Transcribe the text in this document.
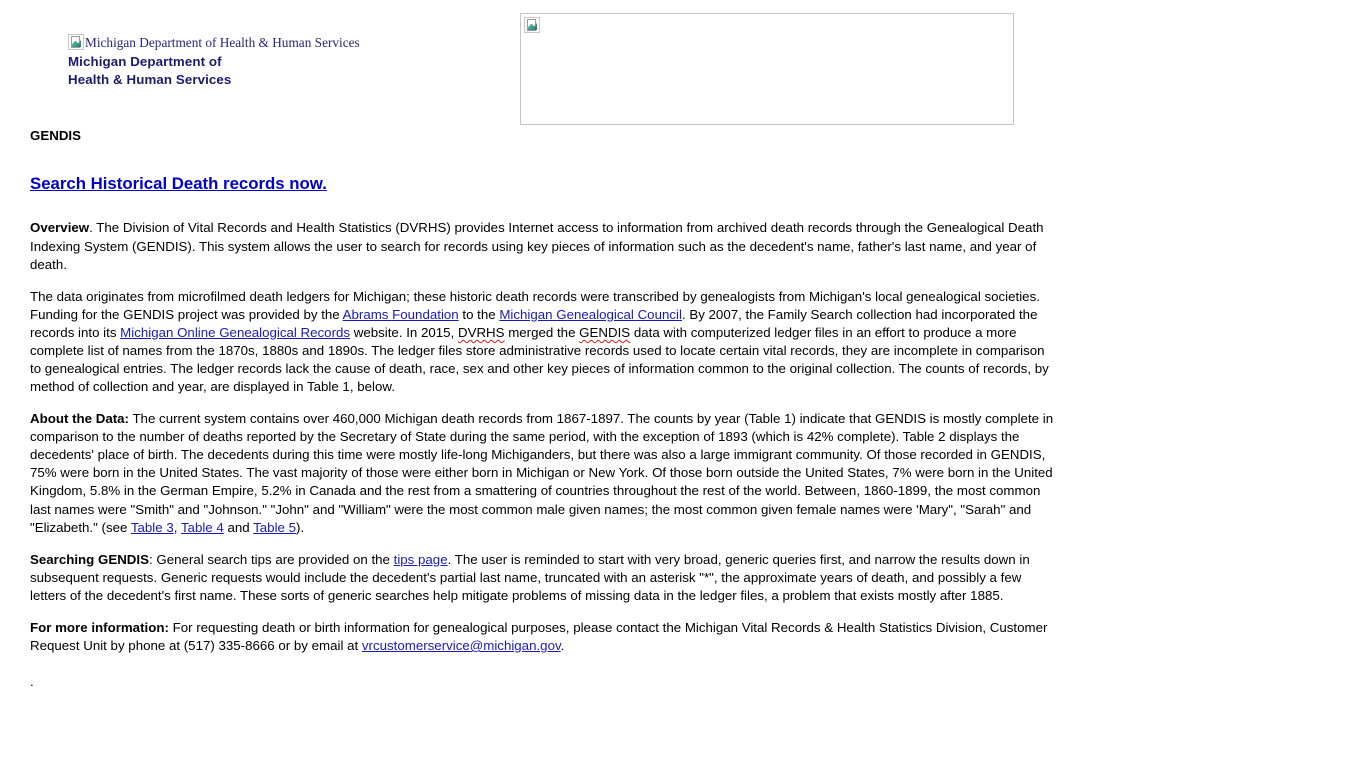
Michigan Department of Health & Human Services
Michigan Department of
Health & Human Services
GENDIS
Search Historical Death records now.

Overview. The Division of Vital Records and Health Statistics (DVRHS) provides Internet access to information from archived death records through the Genealogical Death Indexing System (GENDIS). This system allows the user to search for records using key pieces of information such as the decedent's name, father's last name, and year of death.

The data originates from microfilmed death ledgers for Michigan; these historic death records were transcribed by genealogists from Michigan's local genealogical societies. Funding for the GENDIS project was provided by the Abrams Foundation to the Michigan Genealogical Council. By 2007, the Family Search collection had incorporated the records into its Michigan Online Genealogical Records website. In 2015, DVRHS merged the GENDIS data with computerized ledger files in an effort to produce a more complete list of names from the 1870s, 1880s and 1890s. The ledger files store administrative records used to locate certain vital records, they are incomplete in comparison to genealogical entries. The ledger records lack the cause of death, race, sex and other key pieces of information common to the original collection. The counts of records, by method of collection and year, are displayed in Table 1, below.

About the Data: The current system contains over 460,000 Michigan death records from 1867-1897. The counts by year (Table 1) indicate that GENDIS is mostly complete in comparison to the number of deaths reported by the Secretary of State during the same period, with the exception of 1893 (which is 42% complete). Table 2 displays the decedents' place of birth. The decedents during this time were mostly life-long Michiganders, but there was also a large immigrant community. Of those recorded in GENDIS, 75% were born in the United States. The vast majority of those were either born in Michigan or New York. Of those born outside the United States, 7% were born in the United Kingdom, 5.8% in the German Empire, 5.2% in Canada and the rest from a smattering of countries throughout the rest of the world. Between, 1860-1899, the most common last names were "Smith" and "Johnson." "John" and "William" were the most common male given names; the most common given female names were 'Mary", "Sarah" and "Elizabeth." (see Table 3, Table 4 and Table 5).

Searching GENDIS: General search tips are provided on the tips page. The user is reminded to start with very broad, generic queries first, and narrow the results down in subsequent requests. Generic requests would include the decedent's partial last name, truncated with an asterisk "*", the approximate years of death, and possibly a few letters of the decedent's first name. These sorts of generic searches help mitigate problems of missing data in the ledger files, a problem that exists mostly after 1885.

For more information: For requesting death or birth information for genealogical purposes, please contact the Michigan Vital Records & Health Statistics Division, Customer Request Unit by phone at (517) 335-8666 or by email at vrcustomerservice@michigan.gov.

.
